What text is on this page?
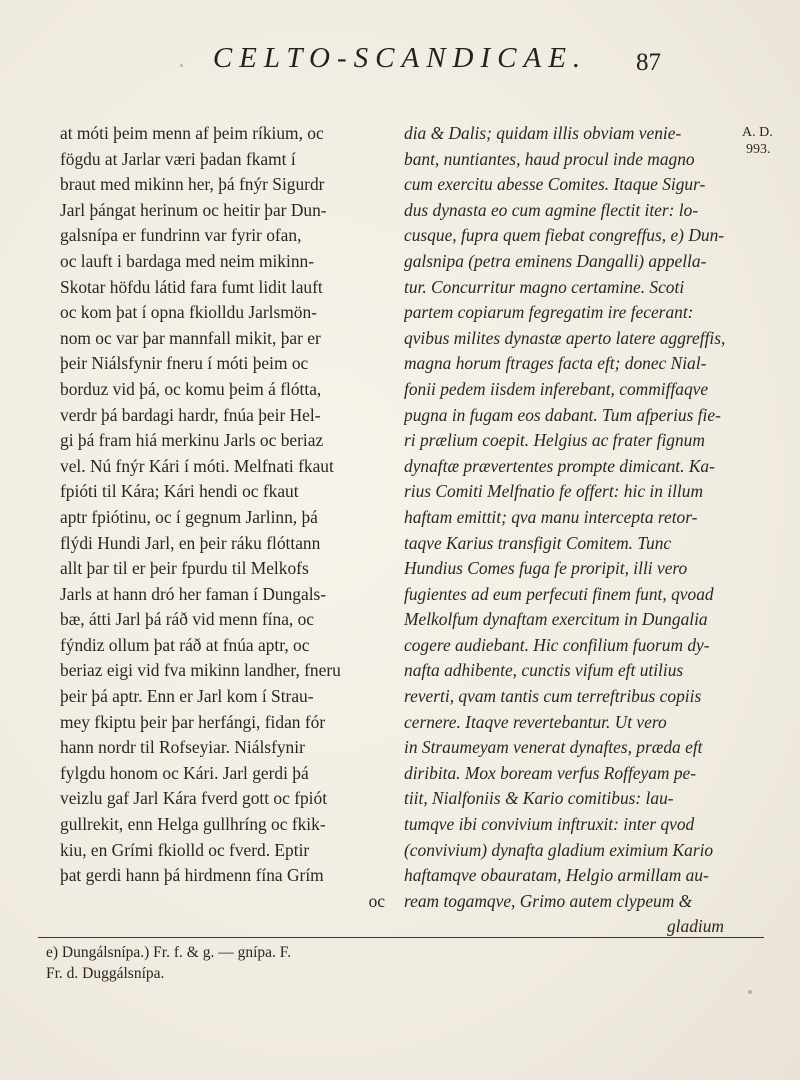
CELTO-SCANDICAE.	87
at móti þeim menn af þeim ríkium, oc
fögdu at Jarlar væri þadan fkamt í
braut med mikinn her, þá fnýr Sigurdr
Jarl þángat herinum oc heitir þar Dun-
galsnípa er fundrinn var fyrir ofan,
oc lauft i bardaga med neim mikinn-
Skotar höfdu látid fara fumt lidit lauft
oc kom þat í opna fkiolldu Jarlsmön-
nom oc var þar mannfall mikit, þar er
þeir Niálsfynir fneru í móti þeim oc
borduz vid þá, oc komu þeim á flótta,
verdr þá bardagi hardr, fnúa þeir Hel-
gi þá fram hiá merkinu Jarls oc beriaz
vel. Nú fnýr Kári í móti. Melfnati fkaut
fpióti til Kára; Kári hendi oc fkaut
aptr fpiótinu, oc í gegnum Jarlinn, þá
flýdi Hundi Jarl, en þeir ráku flóttann
allt þar til er þeir fpurdu til Melkofs
Jarls at hann dró her faman í Dungals-
bæ, átti Jarl þá ráð vid menn fína, oc
fýndiz ollum þat ráð at fnúa aptr, oc
beriaz eigi vid fva mikinn landher, fneru
þeir þá aptr. Enn er Jarl kom í Strau-
mey fkiptu þeir þar herfángi, fidan fór
hann nordr til Rofseyiar. Niálsfynir
fylgdu honom oc Kári. Jarl gerdi þá
veizlu gaf Jarl Kára fverd gott oc fpiót
gullrekit, enn Helga gullhríng oc fkik-
kiu, en Grími fkiolld oc fverd. Eptir
þat gerdi hann þá hirdmenn fína Grím
oc
dia & Dalis; quidam illis obviam venie-
bant, nuntiantes, haud procul inde magno
cum exercitu abesse Comites. Itaque Sigur-
dus dynasta eo cum agmine flectit iter: lo-
cusque, fupra quem fiebat congreffus, e) Dun-
galsnipa (petra eminens Dangalli) appella-
tur. Concurritur magno certamine. Scoti
partem copiarum fegregatim ire fecerant:
qvibus milites dynastæ aperto latere aggreffis,
magna horum ftrages facta eft; donec Nial-
fonii pedem iisdem inferebant, commiffaqve
pugna in fugam eos dabant. Tum afperius fie-
ri prælium coepit. Helgius ac frater fignum
dynaftæ prævertentes prompte dimicant. Ka-
rius Comiti Melfnatio fe offert: hic in illum
haftam emittit; qva manu intercepta retor-
taqve Karius transfigit Comitem. Tunc
Hundius Comes fuga fe proripit, illi vero
fugientes ad eum perfecuti finem funt, qvoad
Melkolfum dynaftam exercitum in Dungalia
cogere audiebant. Hic confilium fuorum dy-
nafta adhibente, cunctis vifum eft utilius
reverti, qvam tantis cum terreftribus copiis
cernere. Itaqve revertebantur. Ut vero
in Straumeyam venerat dynaftes, præda eft
diribita. Mox boream verfus Roffeyam pe-
tiit, Nialfoniis & Kario comitibus: lau-
tumqve ibi convivium inftruxit: inter qvod
(convivium) dynafta gladium eximium Kario
haftamqve obauratam, Helgio armillam au-
ream togamqve, Grimo autem clypeum &
gladium
A. D.
993.
e) Dungálsnípa.) Fr. f. & g. — gnípa. F.
Fr. d. Duggálsnípa.
